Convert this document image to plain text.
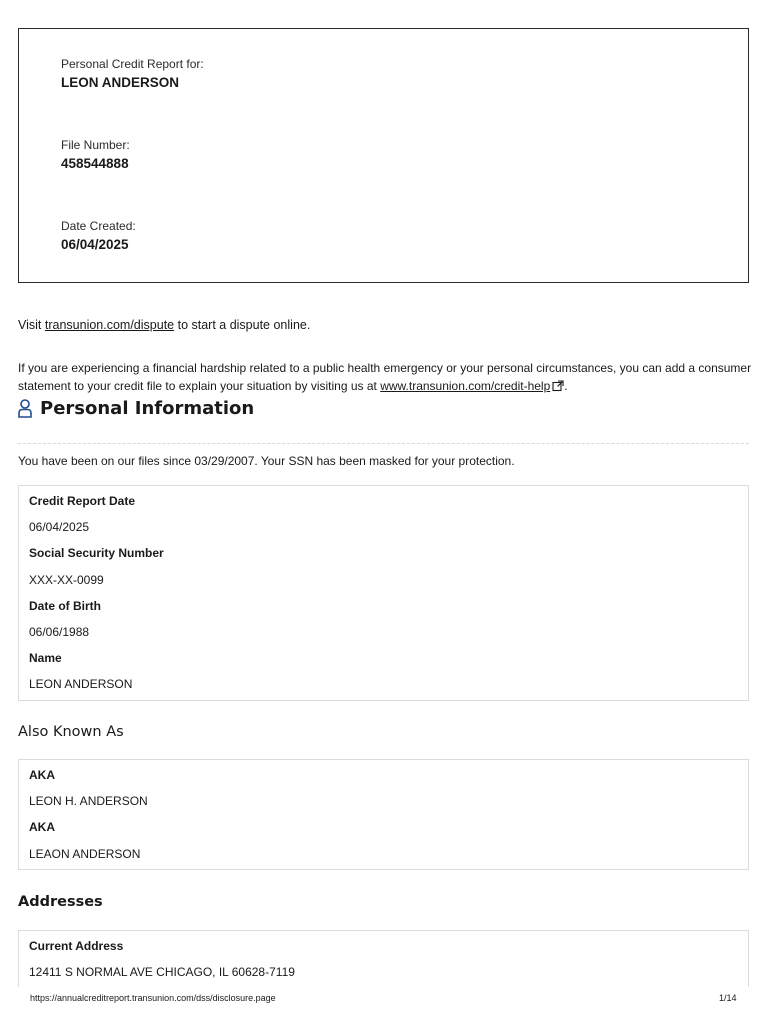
Personal Credit Report for:
LEON ANDERSON
File Number:
458544888
Date Created:
06/04/2025
Visit transunion.com/dispute to start a dispute online.
If you are experiencing a financial hardship related to a public health emergency or your personal circumstances, you can add a consumer statement to your credit file to explain your situation by visiting us at www.transunion.com/credit-help .
Personal Information
You have been on our files since 03/29/2007. Your SSN has been masked for your protection.
Credit Report Date
06/04/2025
Social Security Number
XXX-XX-0099
Date of Birth
06/06/1988
Name
LEON ANDERSON
Also Known As
AKA
LEON H. ANDERSON
AKA
LEAON ANDERSON
Addresses
Current Address
12411 S NORMAL AVE CHICAGO, IL 60628-7119
https://annualcreditreport.transunion.com/dss/disclosure.page	1/14
